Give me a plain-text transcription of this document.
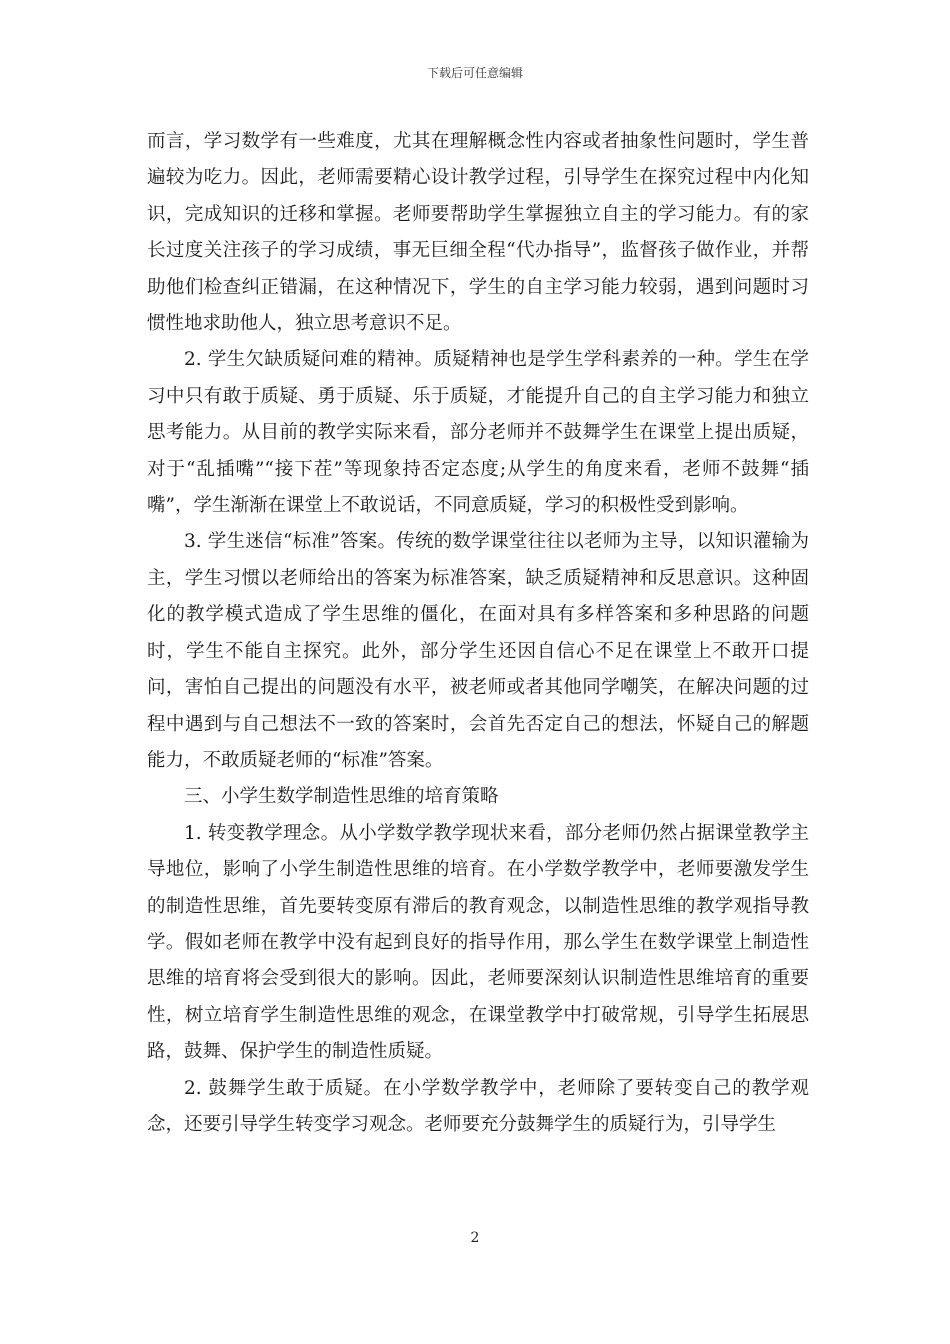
下载后可任意编辑

而言，学习数学有一些难度，尤其在理解概念性内容或者抽象性问题时，学生普遍较为吃力。因此，老师需要精心设计教学过程，引导学生在探究过程中内化知识，完成知识的迁移和掌握。老师要帮助学生掌握独立自主的学习能力。有的家长过度关注孩子的学习成绩，事无巨细全程“代办指导”，监督孩子做作业，并帮助他们检查纠正错漏，在这种情况下，学生的自主学习能力较弱，遇到问题时习惯性地求助他人，独立思考意识不足。

2. 学生欠缺质疑问难的精神。质疑精神也是学生学科素养的一种。学生在学习中只有敢于质疑、勇于质疑、乐于质疑，才能提升自己的自主学习能力和独立思考能力。从目前的教学实际来看，部分老师并不鼓舞学生在课堂上提出质疑，对于“乱插嘴”“接下茬”等现象持否定态度;从学生的角度来看，老师不鼓舞“插嘴”，学生渐渐在课堂上不敢说话，不同意质疑，学习的积极性受到影响。

3. 学生迷信“标准”答案。传统的数学课堂往往以老师为主导，以知识灌输为主，学生习惯以老师给出的答案为标准答案，缺乏质疑精神和反思意识。这种固化的教学模式造成了学生思维的僵化，在面对具有多样答案和多种思路的问题时，学生不能自主探究。此外，部分学生还因自信心不足在课堂上不敢开口提问，害怕自己提出的问题没有水平，被老师或者其他同学嘲笑，在解决问题的过程中遇到与自己想法不一致的答案时，会首先否定自己的想法，怀疑自己的解题能力，不敢质疑老师的“标准”答案。

三、小学生数学制造性思维的培育策略

1. 转变教学理念。从小学数学教学现状来看，部分老师仍然占据课堂教学主导地位，影响了小学生制造性思维的培育。在小学数学教学中，老师要激发学生的制造性思维，首先要转变原有滞后的教育观念，以制造性思维的教学观指导教学。假如老师在教学中没有起到良好的指导作用，那么学生在数学课堂上制造性思维的培育将会受到很大的影响。因此，老师要深刻认识制造性思维培育的重要性，树立培育学生制造性思维的观念，在课堂教学中打破常规，引导学生拓展思路，鼓舞、保护学生的制造性质疑。

2. 鼓舞学生敢于质疑。在小学数学教学中，老师除了要转变自己的教学观念，还要引导学生转变学习观念。老师要充分鼓舞学生的质疑行为，引导学生

2
